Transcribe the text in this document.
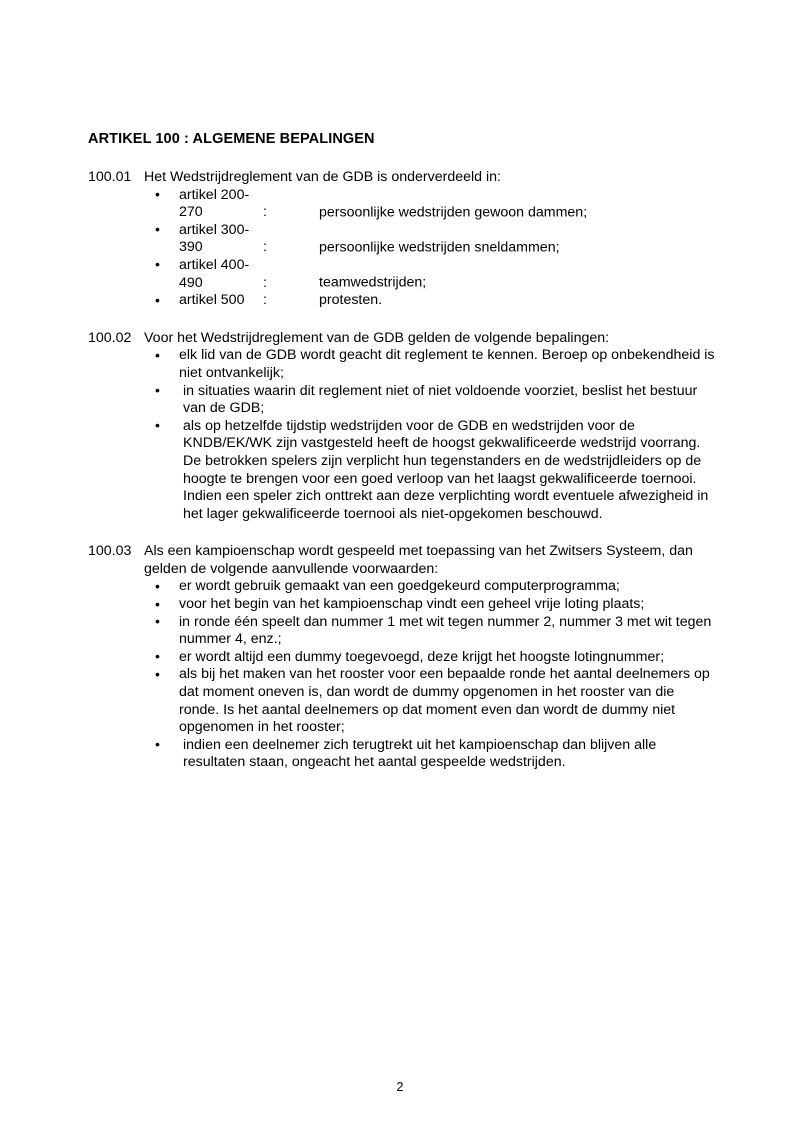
ARTIKEL 100 : ALGEMENE BEPALINGEN
100.01 Het Wedstrijdreglement van de GDB is onderverdeeld in:
• artikel 200-270	:	persoonlijke wedstrijden gewoon dammen;
• artikel 300-390	:	persoonlijke wedstrijden sneldammen;
• artikel 400-490	:	teamwedstrijden;
• artikel 500 :	protesten.
100.02 Voor het Wedstrijdreglement van de GDB gelden de volgende bepalingen:
• elk lid van de GDB wordt geacht dit reglement te kennen. Beroep op onbekendheid is niet ontvankelijk;
• in situaties waarin dit reglement niet of niet voldoende voorziet, beslist het bestuur van de GDB;
• als op hetzelfde tijdstip wedstrijden voor de GDB en wedstrijden voor de KNDB/EK/WK zijn vastgesteld heeft de hoogst gekwalificeerde wedstrijd voorrang. De betrokken spelers zijn verplicht hun tegenstanders en de wedstrijdleiders op de hoogte te brengen voor een goed verloop van het laagst gekwalificeerde toernooi. Indien een speler zich onttrekt aan deze verplichting wordt eventuele afwezigheid in het lager gekwalificeerde toernooi als niet-opgekomen beschouwd.
100.03 Als een kampioenschap wordt gespeeld met toepassing van het Zwitsers Systeem, dan gelden de volgende aanvullende voorwaarden:
• er wordt gebruik gemaakt van een goedgekeurd computerprogramma;
• voor het begin van het kampioenschap vindt een geheel vrije loting plaats;
• in ronde één speelt dan nummer 1 met wit tegen nummer 2, nummer 3 met wit tegen nummer 4, enz.;
• er wordt altijd een dummy toegevoegd, deze krijgt het hoogste lotingnummer;
• als bij het maken van het rooster voor een bepaalde ronde het aantal deelnemers op dat moment oneven is, dan wordt de dummy opgenomen in het rooster van die ronde. Is het aantal deelnemers op dat moment even dan wordt de dummy niet opgenomen in het rooster;
• indien een deelnemer zich terugtrekt uit het kampioenschap dan blijven alle resultaten staan, ongeacht het aantal gespeelde wedstrijden.
2
